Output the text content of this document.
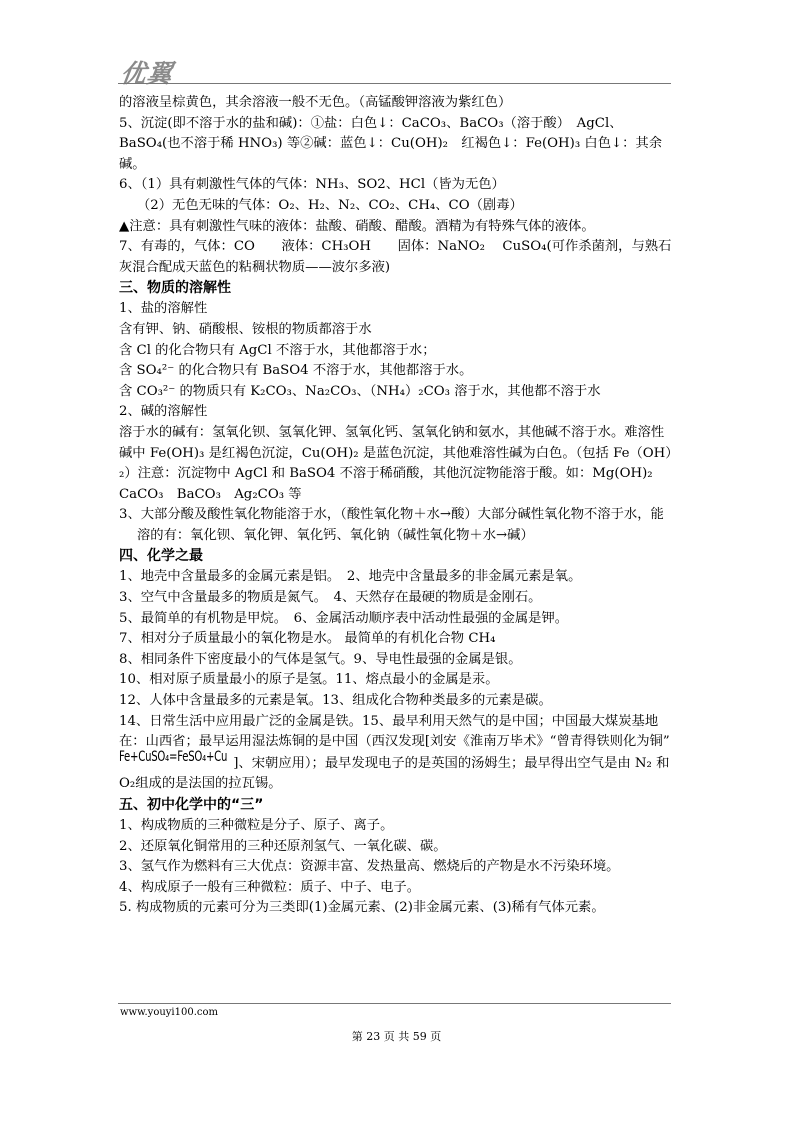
优翼

的溶液呈棕黄色，其余溶液一般不无色。（高锰酸钾溶液为紫红色）

5、沉淀(即不溶于水的盐和碱)：①盐：白色↓：CaCO₃、BaCO₃（溶于酸）　AgCl、BaSO₄(也不溶于稀 HNO₃) 等②碱：蓝色↓：Cu(OH)₂　红褐色↓：Fe(OH)₃ 白色↓：其余碱。

6、（1）具有刺激性气体的气体：NH₃、SO2、HCl（皆为无色）

（2）无色无味的气体：O₂、H₂、N₂、CO₂、CH₄、CO（剧毒）

▲注意：具有刺激性气味的液体：盐酸、硝酸、醋酸。酒精为有特殊气体的液体。

7、有毒的，气体：CO　　液体：CH₃OH　　固体：NaNO₂　 CuSO₄(可作杀菌剂，与熟石灰混合配成天蓝色的粘稠状物质——波尔多液)

三、物质的溶解性

1、盐的溶解性

含有钾、钠、硝酸根、铵根的物质都溶于水

含 Cl 的化合物只有 AgCl 不溶于水，其他都溶于水；

含 SO₄²⁻ 的化合物只有 BaSO4 不溶于水，其他都溶于水。

含 CO₃²⁻ 的物质只有 K₂CO₃、Na₂CO₃、（NH₄）₂CO₃ 溶于水，其他都不溶于水

2、碱的溶解性

溶于水的碱有：氢氧化钡、氢氧化钾、氢氧化钙、氢氧化钠和氨水，其他碱不溶于水。难溶性碱中 Fe(OH)₃ 是红褐色沉淀，Cu(OH)₂ 是蓝色沉淀，其他难溶性碱为白色。（包括 Fe（OH）₂）注意：沉淀物中 AgCl 和 BaSO4 不溶于稀硝酸，其他沉淀物能溶于酸。如：Mg(OH)₂　CaCO₃　BaCO₃　Ag₂CO₃ 等

3、大部分酸及酸性氧化物能溶于水，（酸性氧化物＋水→酸）大部分碱性氧化物不溶于水，能溶的有：氧化钡、氧化钾、氧化钙、氧化钠（碱性氧化物＋水→碱）

四、化学之最

1、地壳中含量最多的金属元素是铝。　2、地壳中含量最多的非金属元素是氧。

3、空气中含量最多的物质是氮气。　4、天然存在最硬的物质是金刚石。

5、最简单的有机物是甲烷。　6、金属活动顺序表中活动性最强的金属是钾。

7、相对分子质量最小的氧化物是水。 最简单的有机化合物 CH₄

8、相同条件下密度最小的气体是氢气。9、导电性最强的金属是银。

10、相对原子质量最小的原子是氢。11、熔点最小的金属是汞。

12、人体中含量最多的元素是氧。13、组成化合物种类最多的元素是碳。

14、日常生活中应用最广泛的金属是铁。15、最早利用天然气的是中国；中国最大煤炭基地在：山西省；最早运用湿法炼铜的是中国（西汉发现[刘安《淮南万毕术》“曾青得铁则化为铜”Fe+CuSO₄=FeSO₄+Cu ]、宋朝应用）；最早发现电子的是英国的汤姆生；最早得出空气是由 N₂ 和 O₂组成的是法国的拉瓦锡。

五、初中化学中的“三”

1、构成物质的三种微粒是分子、原子、离子。

2、还原氧化铜常用的三种还原剂氢气、一氧化碳、碳。

3、氢气作为燃料有三大优点：资源丰富、发热量高、燃烧后的产物是水不污染环境。

4、构成原子一般有三种微粒：质子、中子、电子。

5. 构成物质的元素可分为三类即(1)金属元素、(2)非金属元素、(3)稀有气体元素。

www.youyi100.com
第 23 页 共 59 页
